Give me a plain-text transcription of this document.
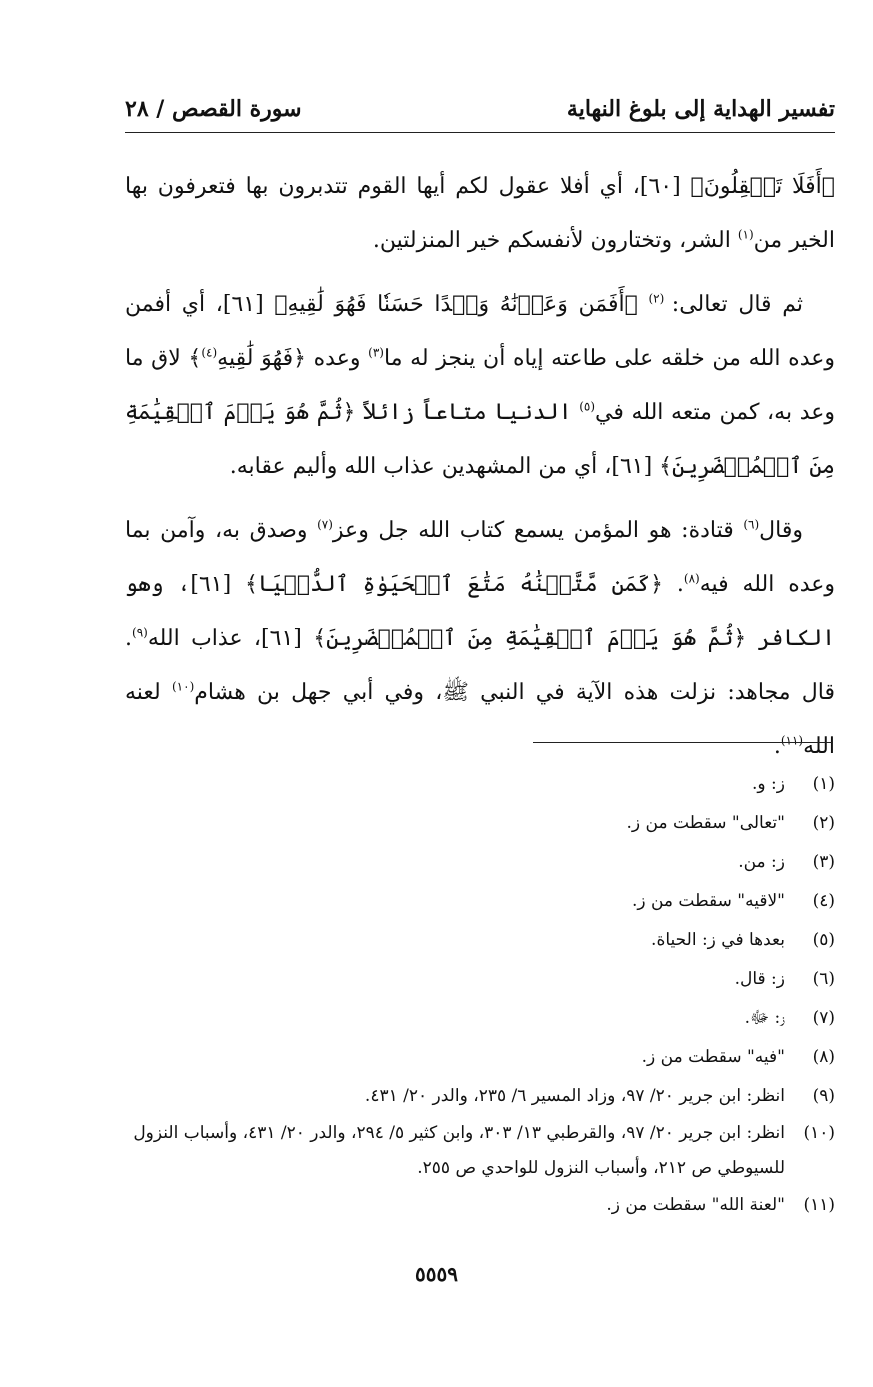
تفسير الهداية إلى بلوغ النهاية
سورة القصص / ٢٨

﴿أَفَلَا تَعۡقِلُونَ﴾ [٦٠]، أي أفلا عقول لكم أيها القوم تتدبرون بها فتعرفون بها الخير من$^{(١)}$ الشر، وتختارون لأنفسكم خير المنزلتين.

ثم قال تعالى: $^{(٢)}$ ﴿أَفَمَن وَعَدۡنَٰهُ وَعۡدًا حَسَنٗا فَهُوَ لَٰقِيهِ﴾ [٦١]، أي أفمن وعده الله من خلقه على طاعته إياه أن ينجز له ما$^{(٣)}$ وعده ﴿فَهُوَ لَٰقِيهِ$^{(٤)}$﴾ لاق ما وعد به، كمن متعه الله في$^{(٥)}$ الدنيا متاعاً زائلاً ﴿ثُمَّ هُوَ يَوۡمَ ٱلۡقِيَٰمَةِ مِنَ ٱلۡمُحۡضَرِينَ﴾ [٦١]، أي من المشهدين عذاب الله وأليم عقابه.

وقال$^{(٦)}$ قتادة: هو المؤمن يسمع كتاب الله جل وعز$^{(٧)}$ وصدق به، وآمن بما وعده الله فيه$^{(٨)}$. ﴿كَمَن مَّتَّعۡنَٰهُ مَتَٰعَ ٱلۡحَيَوٰةِ ٱلدُّنۡيَا﴾ [٦١]، وهو الكافر ﴿ثُمَّ هُوَ يَوۡمَ ٱلۡقِيَٰمَةِ مِنَ ٱلۡمُحۡضَرِينَ﴾ [٦١]، عذاب الله$^{(٩)}$. قال مجاهد: نزلت هذه الآية في النبي ﷺ، وفي أبي جهل بن هشام$^{(١٠)}$ لعنه الله$^{(١١)}$.

(١)
ز: و.
(٢)
"تعالى" سقطت من ز.
(٣)
ز: من.
(٤)
"لاقيه" سقطت من ز.
(٥)
بعدها في ز: الحياة.
(٦)
ز: قال.
(٧)
ز: ﷻ.
(٨)
"فيه" سقطت من ز.
(٩)
انظر: ابن جرير ٢٠/ ٩٧، وزاد المسير ٦/ ٢٣٥، والدر ٢٠/ ٤٣١.
(١٠)
انظر: ابن جرير ٢٠/ ٩٧، والقرطبي ١٣/ ٣٠٣، وابن كثير ٥/ ٢٩٤، والدر ٢٠/ ٤٣١، وأسباب النزول للسيوطي ص ٢١٢، وأسباب النزول للواحدي ص ٢٥٥.
(١١)
"لعنة الله" سقطت من ز.
٥٥٥٩
